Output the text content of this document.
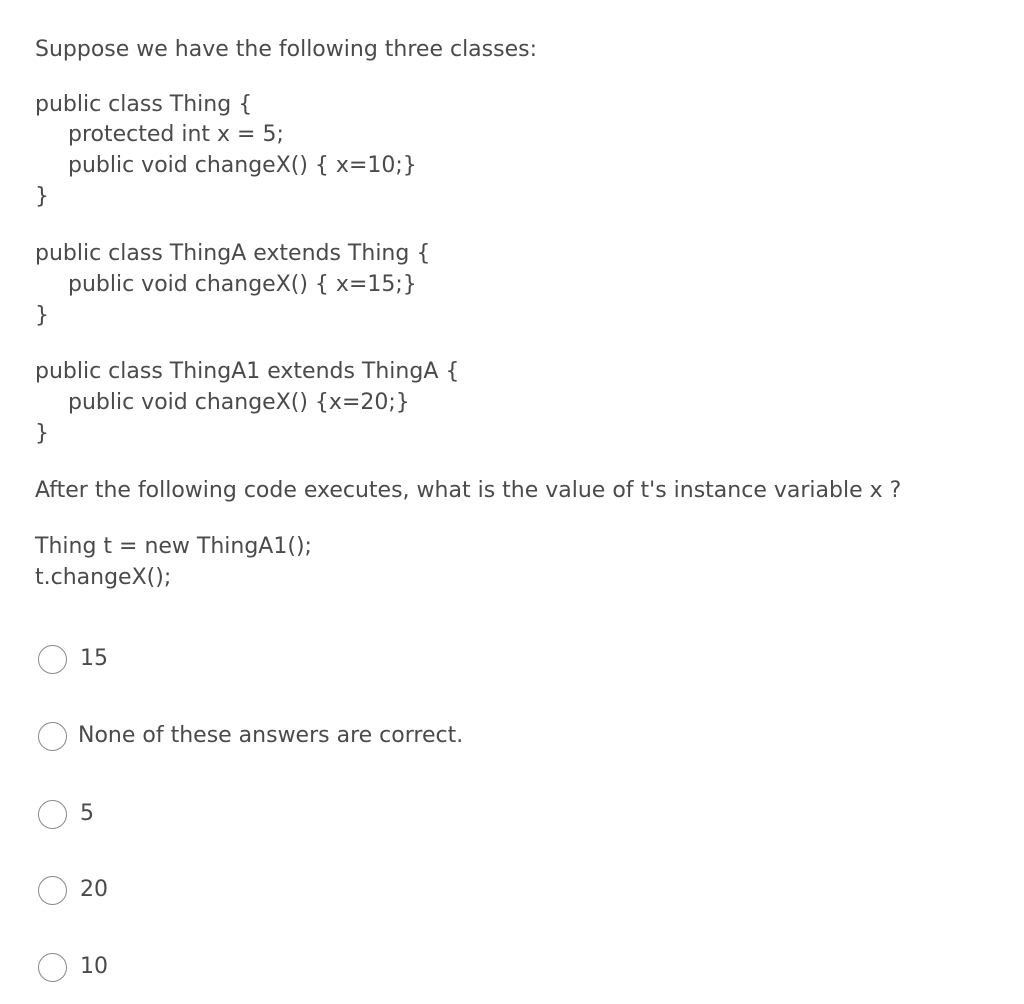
Suppose we have the following three classes:
public class Thing {
protected int x = 5;
public void changeX() { x=10;}
}
public class ThingA extends Thing {
public void changeX() { x=15;}
}
public class ThingA1 extends ThingA {
public void changeX() {x=20;}
}
After the following code executes, what is the value of t's instance variable x ?
Thing t = new ThingA1();
t.changeX();
15
None of these answers are correct.
5
20
10
